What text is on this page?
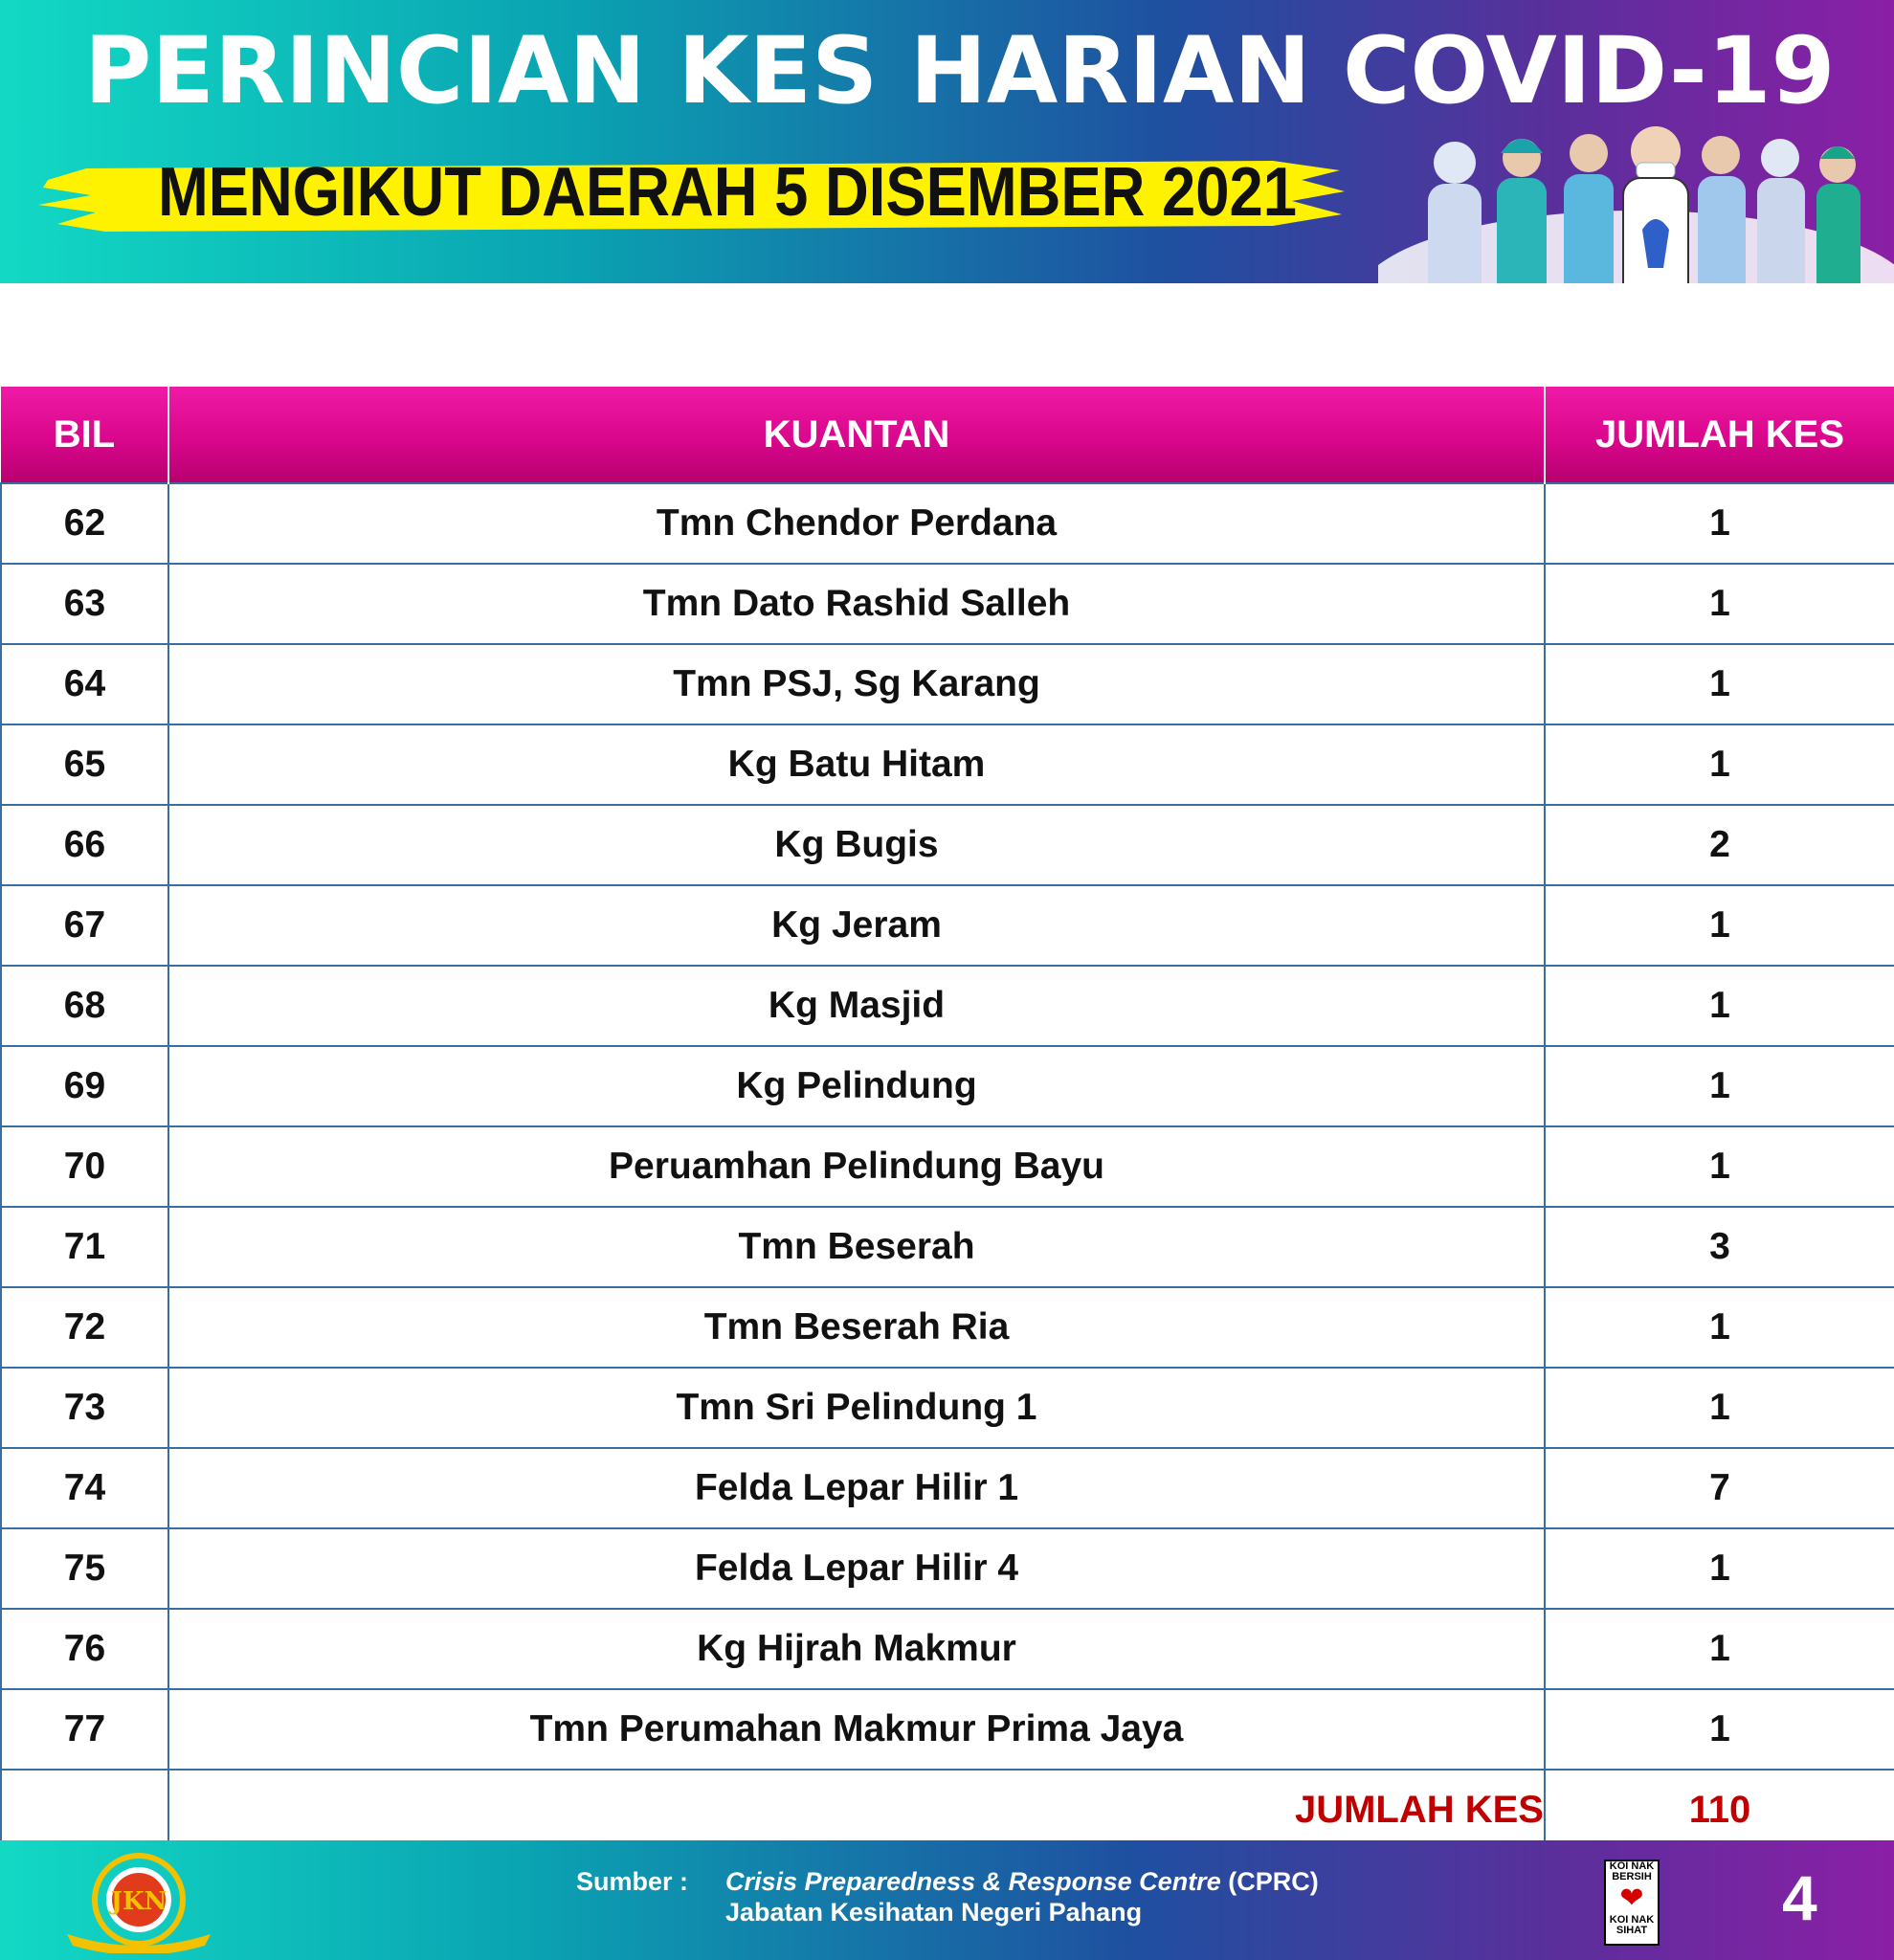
PERINCIAN KES HARIAN COVID-19
MENGIKUT DAERAH 5 DISEMBER 2021
BIL	KUANTAN	JUMLAH KES
62	Tmn Chendor Perdana	1
63	Tmn Dato Rashid Salleh	1
64	Tmn PSJ, Sg Karang	1
65	Kg Batu Hitam	1
66	Kg Bugis	2
67	Kg Jeram	1
68	Kg Masjid	1
69	Kg Pelindung	1
70	Peruamhan Pelindung Bayu	1
71	Tmn Beserah	3
72	Tmn Beserah Ria	1
73	Tmn Sri Pelindung 1	1
74	Felda Lepar Hilir 1	7
75	Felda Lepar Hilir 4	1
76	Kg Hijrah Makmur	1
77	Tmn Perumahan Makmur Prima Jaya	1
	JUMLAH KES	110
JKN
Sumber : Crisis Preparedness & Response Centre (CPRC)
Jabatan Kesihatan Negeri Pahang
KOI NAK BERSIH
❤
KOI NAK SIHAT 4
